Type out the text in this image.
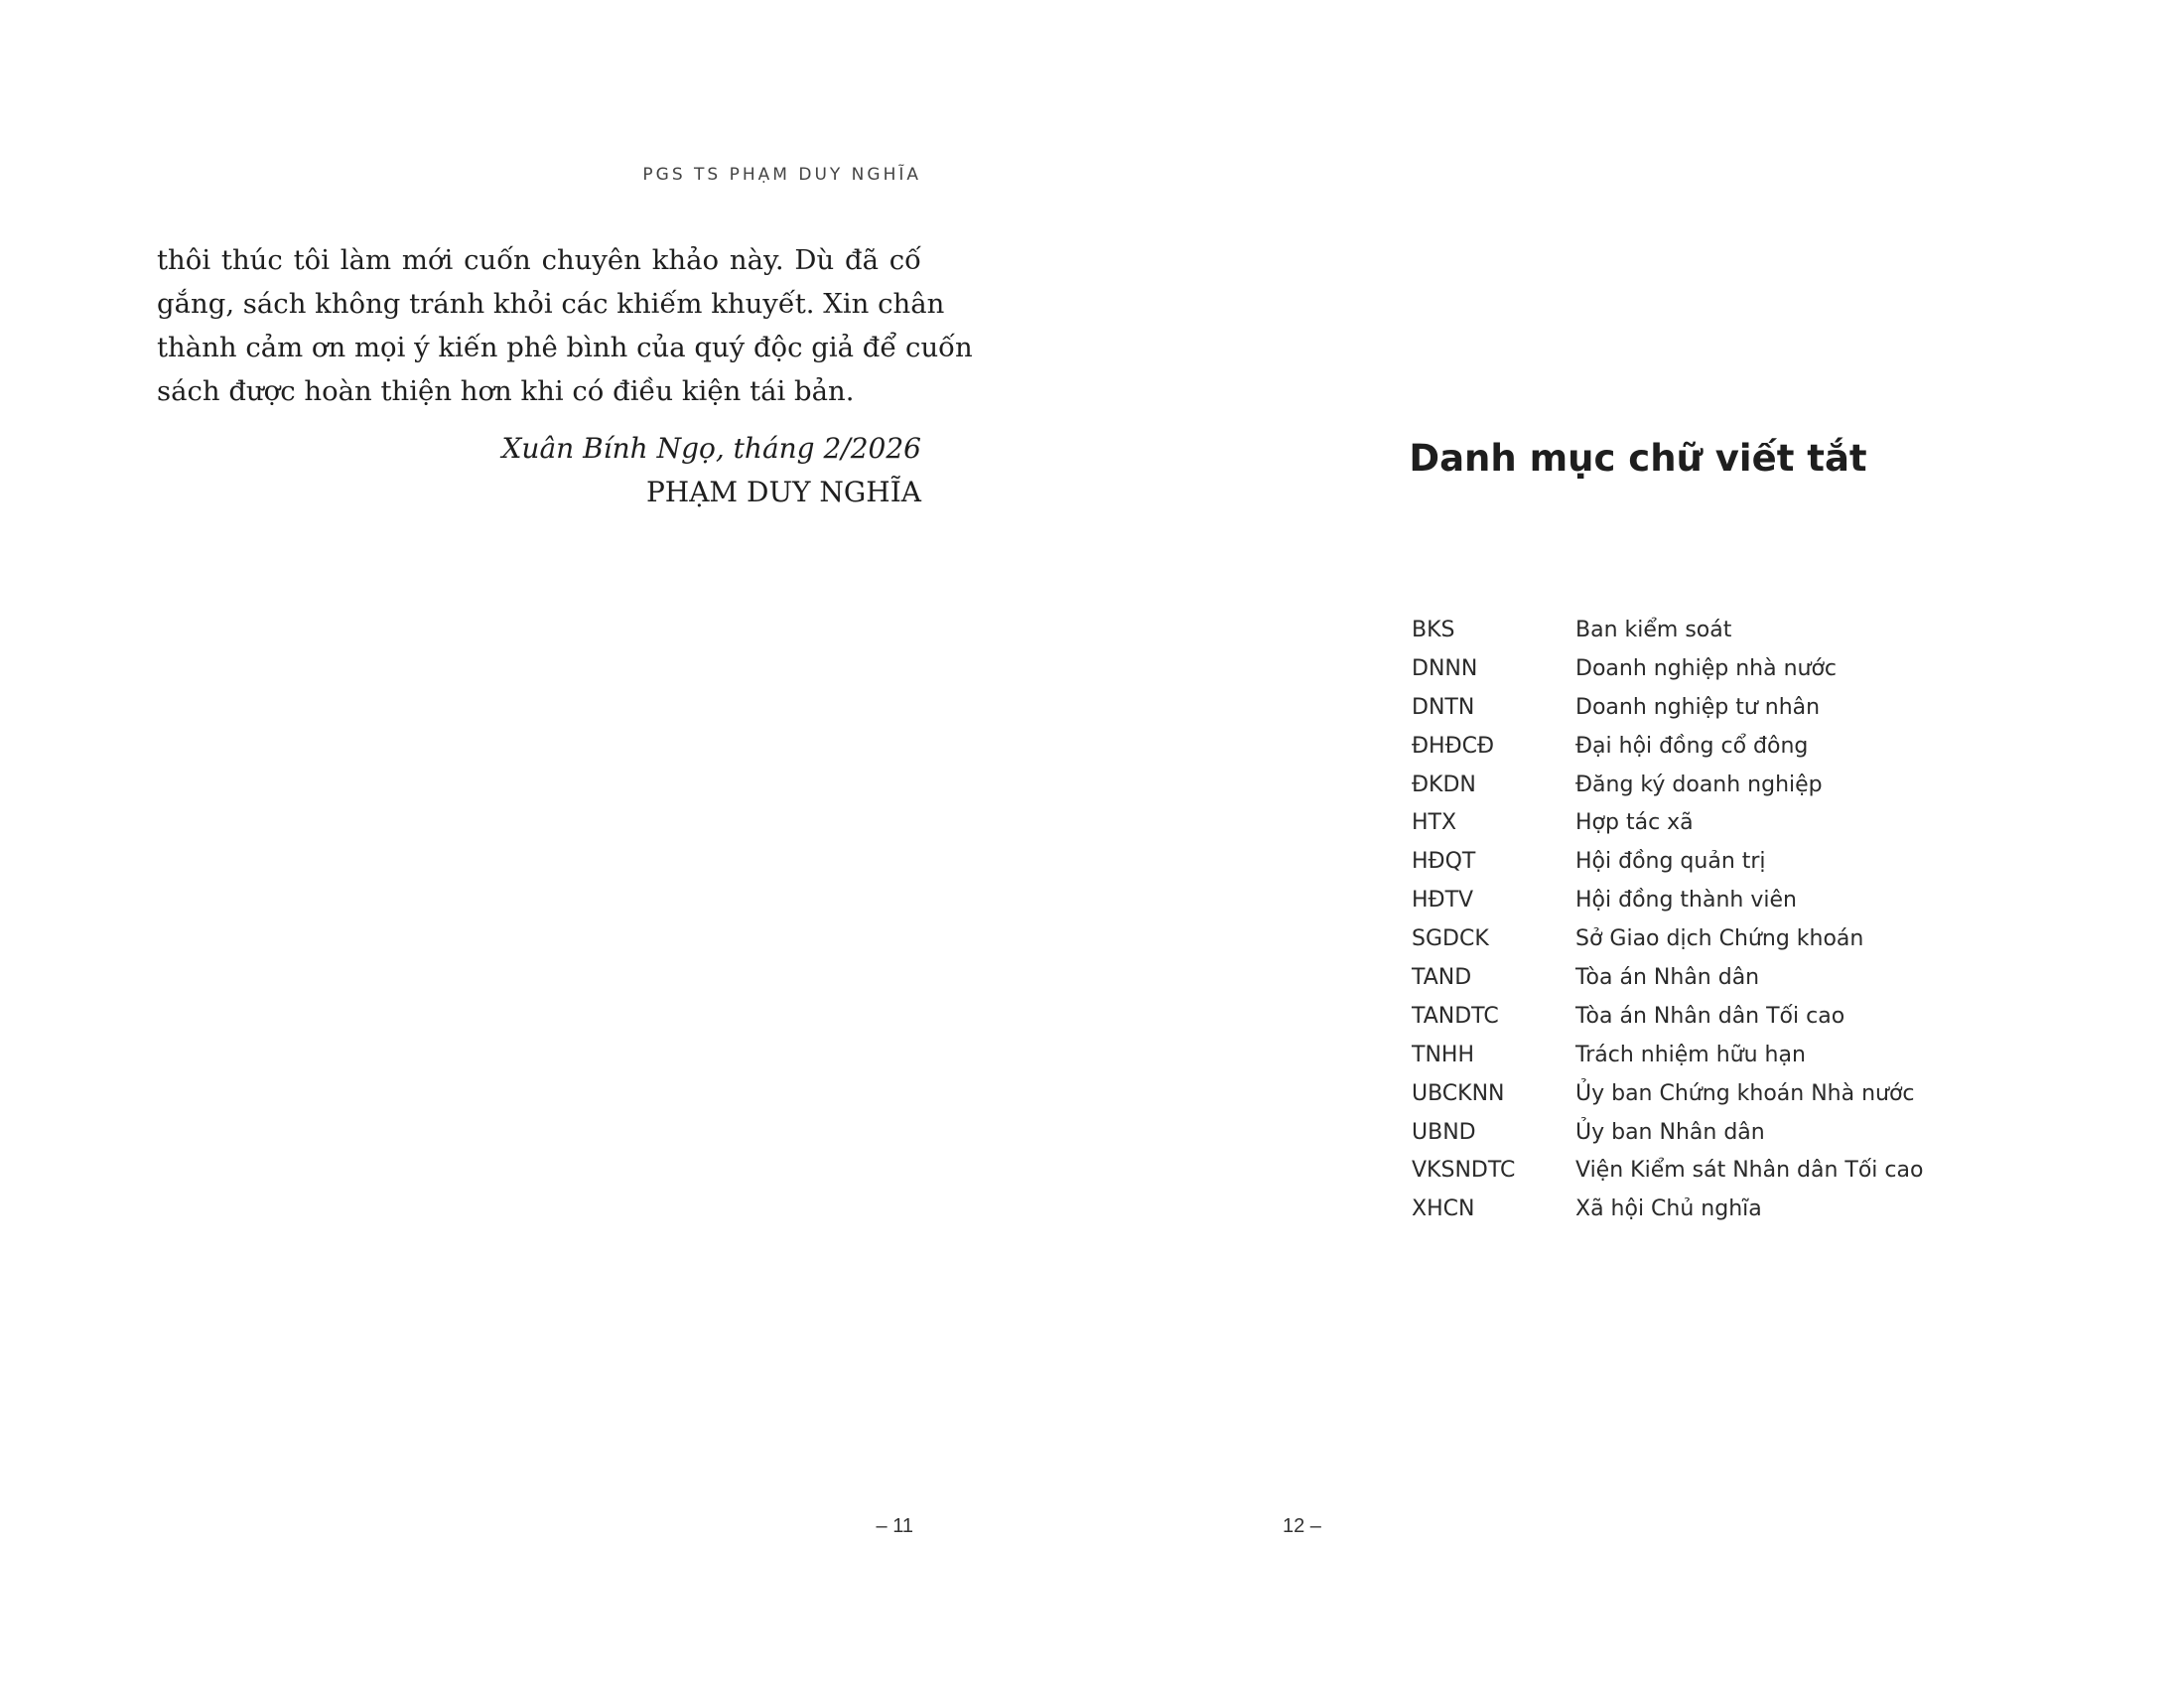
PGS TS PHẠM DUY NGHĨA
thôi thúc tôi làm mới cuốn chuyên khảo này. Dù đã cố
gắng, sách không tránh khỏi các khiếm khuyết. Xin chân
thành cảm ơn mọi ý kiến phê bình của quý độc giả để cuốn
sách được hoàn thiện hơn khi có điều kiện tái bản.
Xuân Bính Ngọ, tháng 2/2026
PHẠM DUY NGHĨA
– 11
Danh mục chữ viết tắt
BKS	Ban kiểm soát
DNNN	Doanh nghiệp nhà nước
DNTN	Doanh nghiệp tư nhân
ĐHĐCĐ	Đại hội đồng cổ đông
ĐKDN	Đăng ký doanh nghiệp
HTX	Hợp tác xã
HĐQT	Hội đồng quản trị
HĐTV	Hội đồng thành viên
SGDCK	Sở Giao dịch Chứng khoán
TAND	Tòa án Nhân dân
TANDTC	Tòa án Nhân dân Tối cao
TNHH	Trách nhiệm hữu hạn
UBCKNN	Ủy ban Chứng khoán Nhà nước
UBND	Ủy ban Nhân dân
VKSNDTC	Viện Kiểm sát Nhân dân Tối cao
XHCN	Xã hội Chủ nghĩa
12 –
